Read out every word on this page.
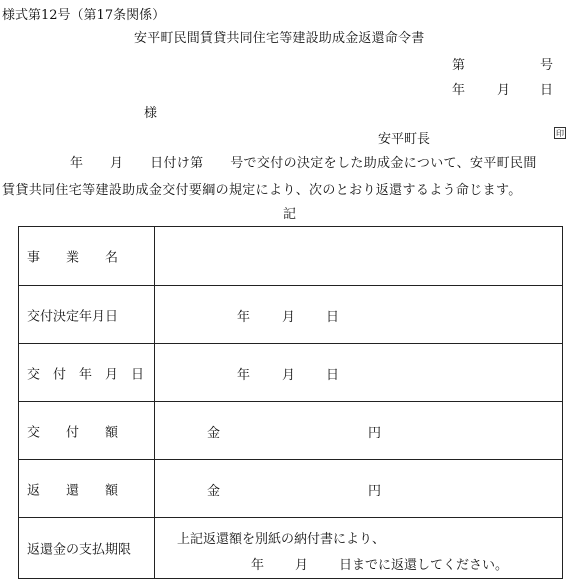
様式第12号（第17条関係）
安平町民間賃貸共同住宅等建設助成金返還命令書
第	号
年 月 日
様
安平町長	印
年　　月　　日付け第　　号で交付の決定をした助成金について、安平町民間
賃貸共同住宅等建設助成金交付要綱の規定により、次のとおり返還するよう命じます。
記
事　　業　　名
交付決定年月日	年 月 日
交　付　年　月　日	年 月 日
交　　付　　額	金	円
返　　還　　額	金	円
返還金の支払期限
上記返還額を別紙の納付書により、
年 月 日までに返還してください。
